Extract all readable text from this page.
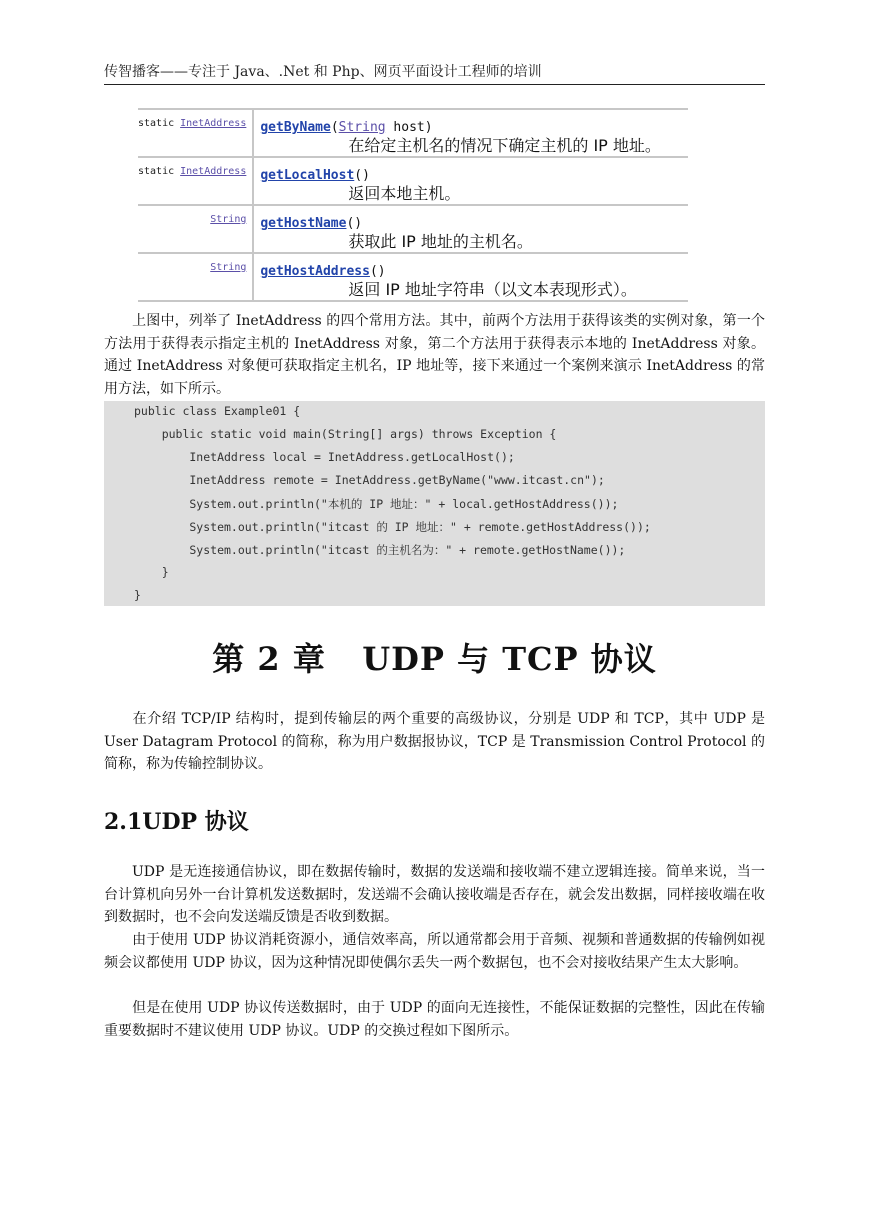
传智播客——专注于 Java、.Net 和 Php、网页平面设计工程师的培训
static InetAddress	getByName(String host)
在给定主机名的情况下确定主机的 IP 地址。

static InetAddress	getLocalHost()
返回本地主机。

String	getHostName()
获取此 IP 地址的主机名。

String	getHostAddress()
返回 IP 地址字符串（以文本表现形式）。
上图中，列举了 InetAddress 的四个常用方法。其中，前两个方法用于获得该类的实例对象，第一个方法用于获得表示指定主机的 InetAddress 对象，第二个方法用于获得表示本地的 InetAddress 对象。通过 InetAddress 对象便可获取指定主机名，IP 地址等，接下来通过一个案例来演示 InetAddress 的常用方法，如下所示。
public class Example01 {
public static void main(String[] args) throws Exception {
InetAddress local = InetAddress.getLocalHost();
InetAddress remote = InetAddress.getByName("www.itcast.cn");
System.out.println("本机的 IP 地址：" + local.getHostAddress());
System.out.println("itcast 的 IP 地址：" + remote.getHostAddress());
System.out.println("itcast 的主机名为：" + remote.getHostName());
}
}
第 2 章   UDP 与 TCP 协议
在介绍 TCP/IP 结构时，提到传输层的两个重要的高级协议，分别是 UDP 和 TCP，其中 UDP 是 User Datagram Protocol 的简称，称为用户数据报协议，TCP 是 Transmission Control Protocol 的简称，称为传输控制协议。
2.1UDP 协议
UDP 是无连接通信协议，即在数据传输时，数据的发送端和接收端不建立逻辑连接。简单来说，当一台计算机向另外一台计算机发送数据时，发送端不会确认接收端是否存在，就会发出数据，同样接收端在收到数据时，也不会向发送端反馈是否收到数据。
由于使用 UDP 协议消耗资源小，通信效率高，所以通常都会用于音频、视频和普通数据的传输例如视频会议都使用 UDP 协议，因为这种情况即使偶尔丢失一两个数据包，也不会对接收结果产生太大影响。
但是在使用 UDP 协议传送数据时，由于 UDP 的面向无连接性，不能保证数据的完整性，因此在传输重要数据时不建议使用 UDP 协议。UDP 的交换过程如下图所示。
